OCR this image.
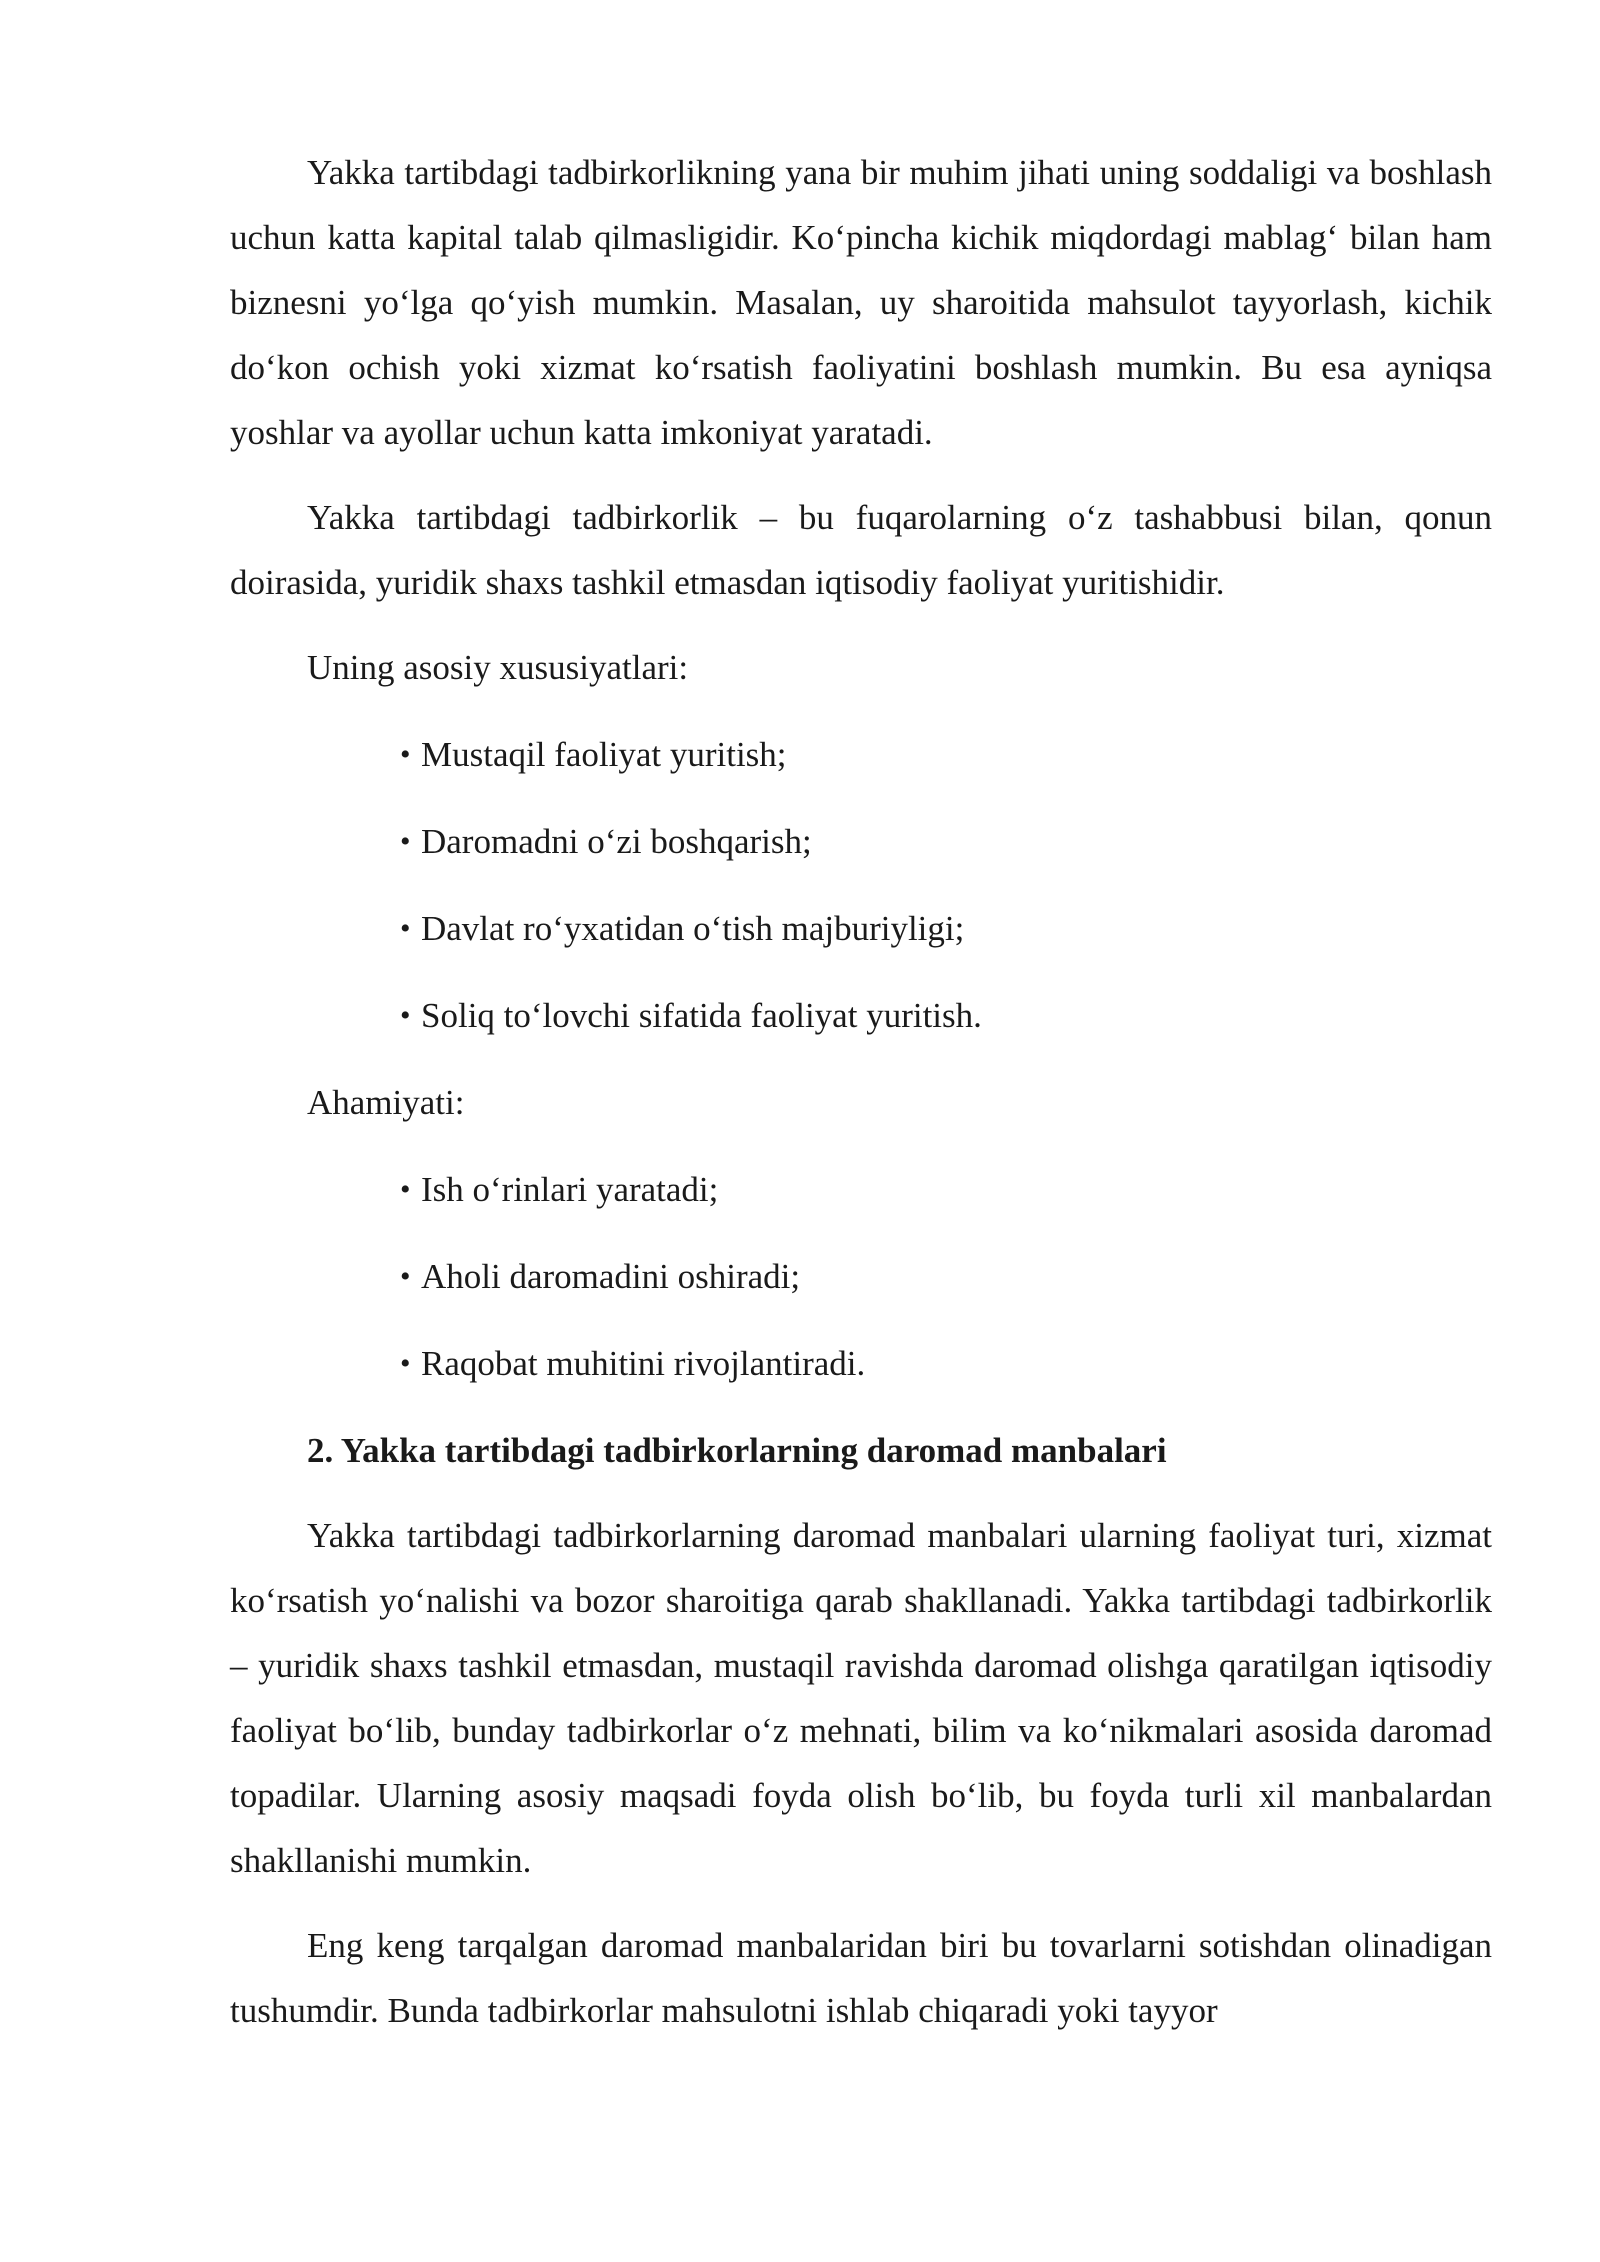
Yakka tartibdagi tadbirkorlikning yana bir muhim jihati uning soddaligi va boshlash uchun katta kapital talab qilmasligidir. Ko‘pincha kichik miqdordagi mablag‘ bilan ham biznesni yo‘lga qo‘yish mumkin. Masalan, uy sharoitida mahsulot tayyorlash, kichik do‘kon ochish yoki xizmat ko‘rsatish faoliyatini boshlash mumkin. Bu esa ayniqsa yoshlar va ayollar uchun katta imkoniyat yaratadi.

Yakka tartibdagi tadbirkorlik – bu fuqarolarning o‘z tashabbusi bilan, qonun doirasida, yuridik shaxs tashkil etmasdan iqtisodiy faoliyat yuritishidir.

Uning asosiy xususiyatlari:

• Mustaqil faoliyat yuritish;
• Daromadni o‘zi boshqarish;
• Davlat ro‘yxatidan o‘tish majburiyligi;
• Soliq to‘lovchi sifatida faoliyat yuritish.

Ahamiyati:

• Ish o‘rinlari yaratadi;
• Aholi daromadini oshiradi;
• Raqobat muhitini rivojlantiradi.

2. Yakka tartibdagi tadbirkorlarning daromad manbalari

Yakka tartibdagi tadbirkorlarning daromad manbalari ularning faoliyat turi, xizmat ko‘rsatish yo‘nalishi va bozor sharoitiga qarab shakllanadi. Yakka tartibdagi tadbirkorlik – yuridik shaxs tashkil etmasdan, mustaqil ravishda daromad olishga qaratilgan iqtisodiy faoliyat bo‘lib, bunday tadbirkorlar o‘z mehnati, bilim va ko‘nikmalari asosida daromad topadilar. Ularning asosiy maqsadi foyda olish bo‘lib, bu foyda turli xil manbalardan shakllanishi mumkin.

Eng keng tarqalgan daromad manbalaridan biri bu tovarlarni sotishdan olinadigan tushumdir. Bunda tadbirkorlar mahsulotni ishlab chiqaradi yoki tayyor
